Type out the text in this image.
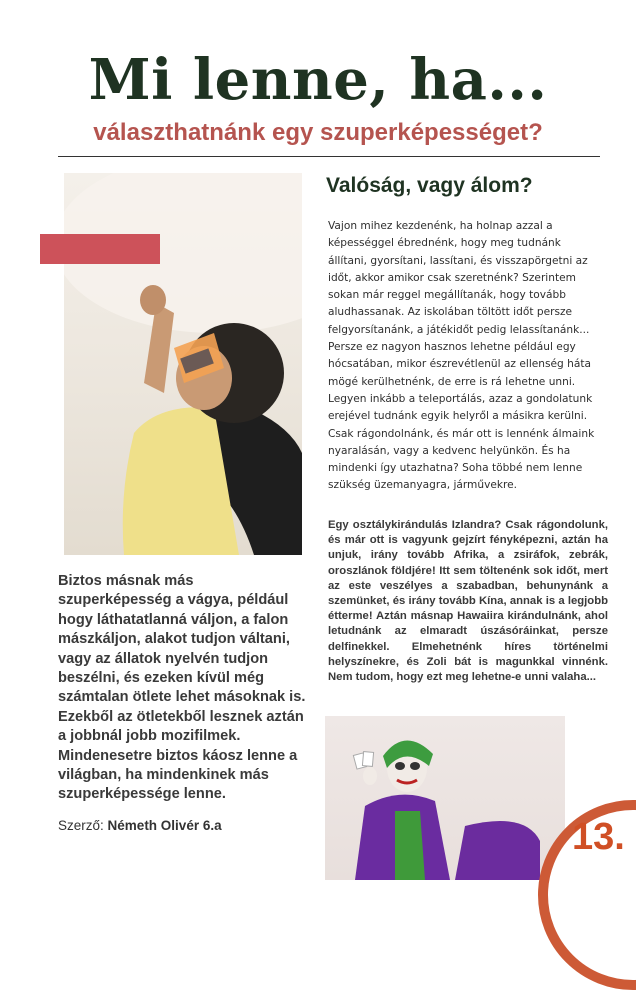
Mi lenne, ha...
választhatnánk egy szuperképességet?
Valóság, vagy álom?
Vajon mihez kezdenénk, ha holnap azzal a képességgel ébrednénk, hogy meg tudnánk állítani, gyorsítani, lassítani, és visszapörgetni az időt, akkor amikor csak szeretnénk? Szerintem sokan már reggel megállítanák, hogy tovább aludhassanak. Az iskolában töltött időt persze felgyorsítanánk, a játékidőt pedig lelassítanánk... Persze ez nagyon hasznos lehetne például egy hócsatában, mikor észrevétlenül az ellenség háta mögé kerülhetnénk, de erre is rá lehetne unni. Legyen inkább a teleportálás, azaz a gondolatunk erejével tudnánk egyik helyről a másikra kerülni. Csak rágondolnánk, és már ott is lennénk álmaink nyaralásán, vagy a kedvenc helyünkön. És ha mindenki így utazhatna? Soha többé nem lenne szükség üzemanyagra, járművekre.
Egy osztálykirándulás Izlandra? Csak rágondolunk, és már ott is vagyunk gejzírt fényképezni, aztán ha unjuk, irány tovább Afrika, a zsiráfok, zebrák, oroszlánok földjére! Itt sem töltenénk sok időt, mert az este veszélyes a szabadban, behunynánk a szemünket, és irány tovább Kína, annak is a legjobb étterme! Aztán másnap Hawaiira kirándulnánk, ahol letudnánk az elmaradt úszásóráinkat, persze delfinekkel. Elmehetnénk híres történelmi helyszínekre, és Zoli bát is magunkkal vinnénk. Nem tudom, hogy ezt meg lehetne-e unni valaha...
Biztos másnak más szuperképesség a vágya, például hogy láthatatlanná váljon, a falon mászkáljon, alakot tudjon váltani, vagy az állatok nyelvén tudjon beszélni, és ezeken kívül még számtalan ötlete lehet másoknak is. Ezekből az ötletekből lesznek aztán a jobbnál jobb mozifilmek. Mindenesetre biztos káosz lenne a világban, ha mindenkinek más szuperképessége lenne.
Szerző: Németh Olivér 6.a	13.
